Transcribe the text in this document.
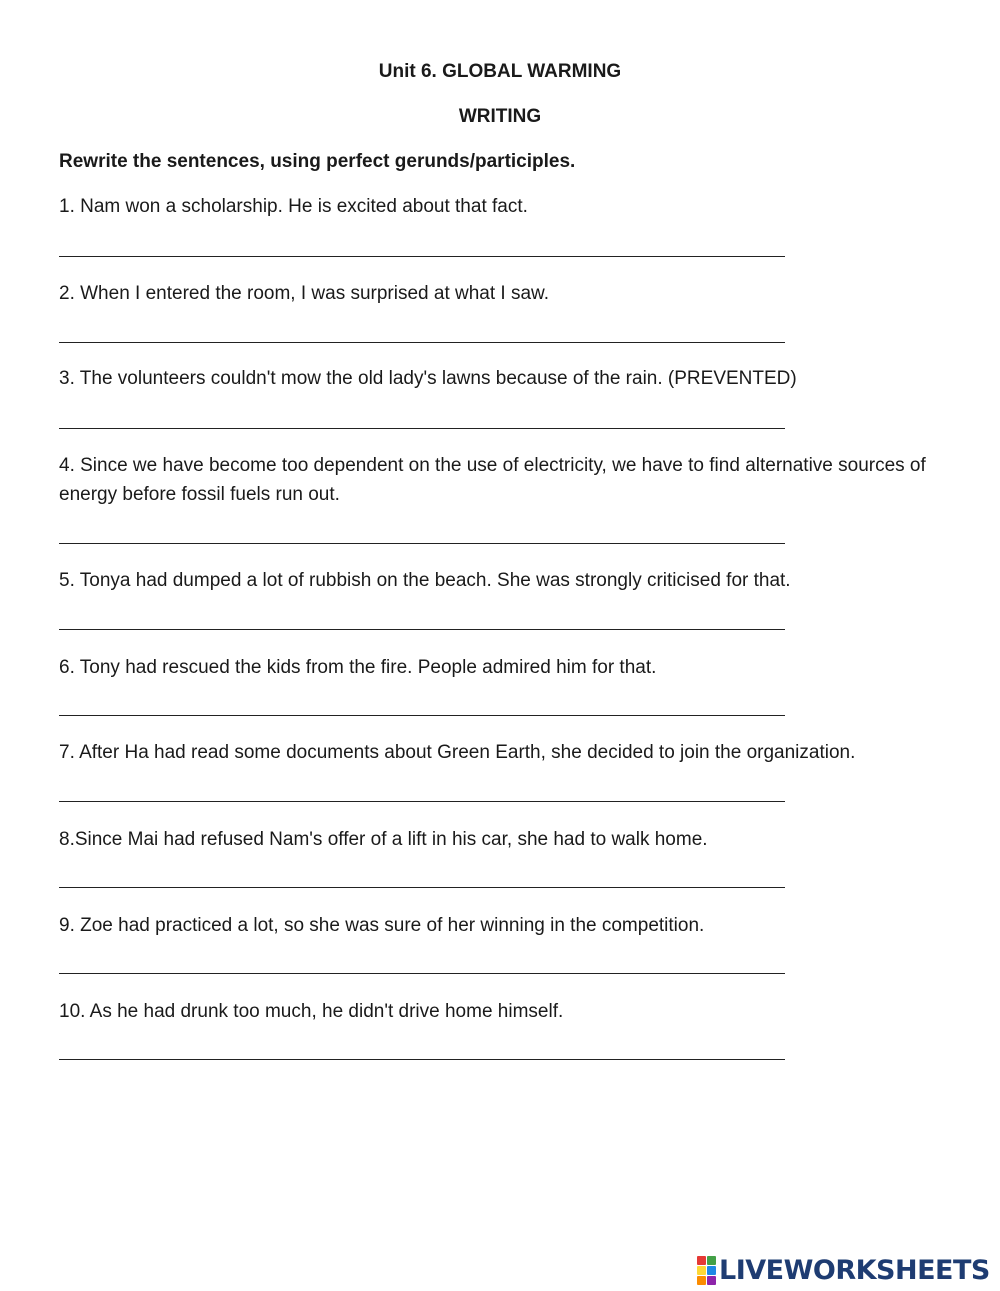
Unit 6. GLOBAL WARMING
WRITING
Rewrite the sentences, using perfect gerunds/participles.
1. Nam won a scholarship. He is excited about that fact.
2. When I entered the room, I was surprised at what I saw.
3. The volunteers couldn't mow the old lady's lawns because of the rain. (PREVENTED)
4. Since we have become too dependent on the use of electricity, we have to find alternative sources of energy before fossil fuels run out.
5. Tonya had dumped a lot of rubbish on the beach. She was strongly criticised for that.
6. Tony had rescued the kids from the fire. People admired him for that.
7. After Ha had read some documents about Green Earth, she decided to join the organization.
8.Since Mai had refused Nam's offer of a lift in his car, she had to walk home.
9. Zoe had practiced a lot, so she was sure of her winning in the competition.
10. As he had drunk too much, he didn't drive home himself.
LIVEWORKSHEETS
